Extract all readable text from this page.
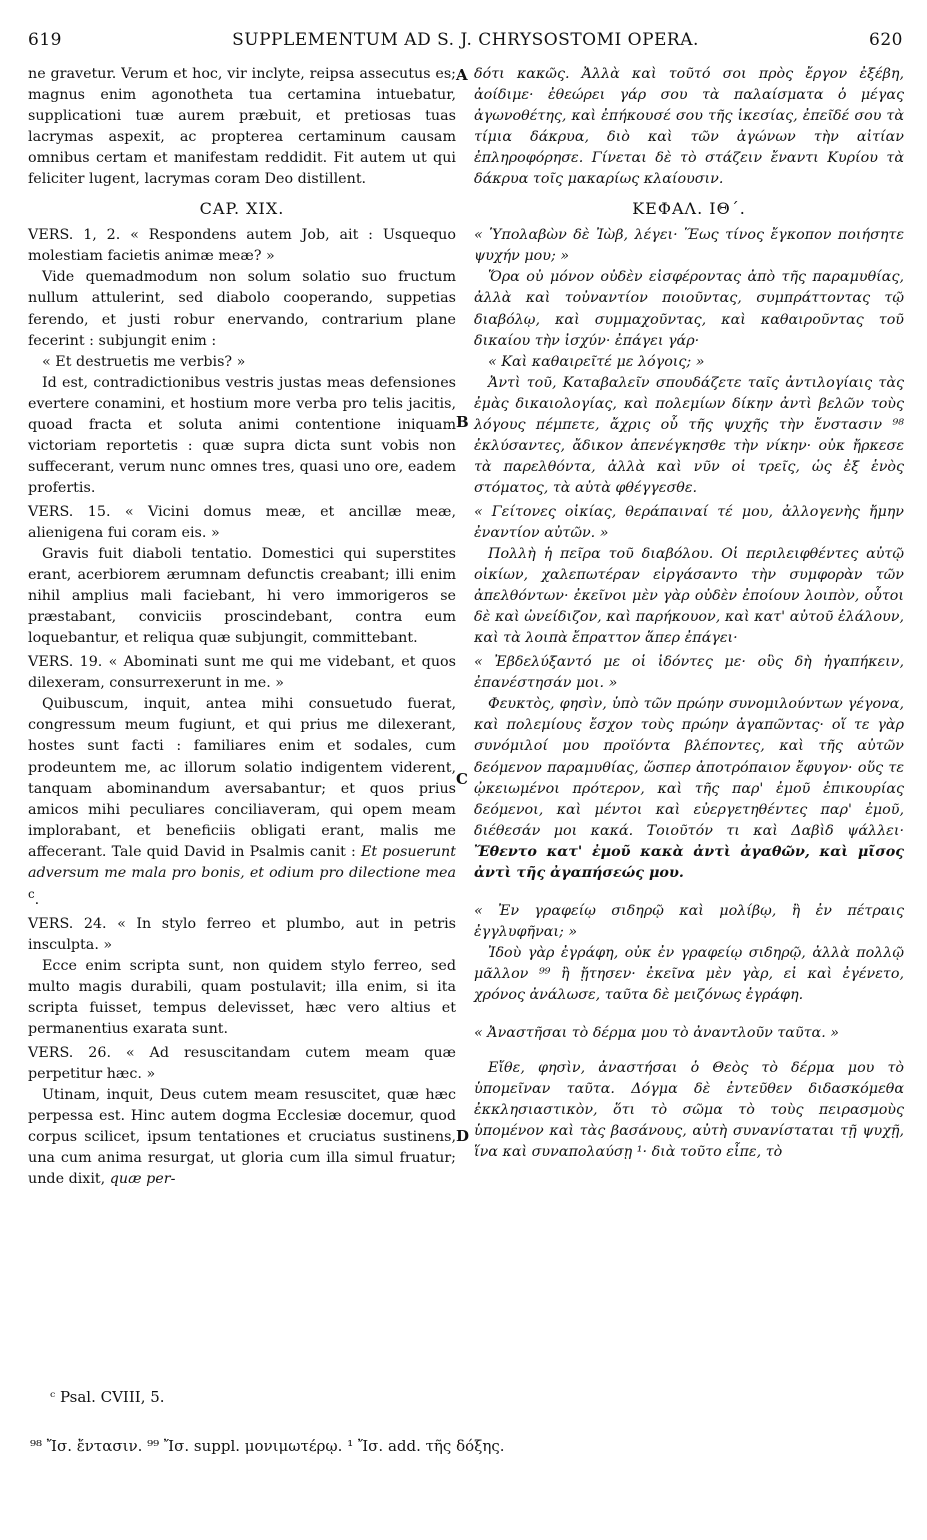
619	SUPPLEMENTUM AD S. J. CHRYSOSTOMI OPERA.	620

ne gravetur. Verum et hoc, vir inclyte, reipsa assecutus es; magnus enim agonotheta tua certamina intuebatur, supplicationi tuæ aurem præbuit, et pretiosas tuas lacrymas aspexit, ac propterea certaminum causam omnibus certam et manifestam reddidit. Fit autem ut qui feliciter lugent, lacrymas coram Deo distillent.

CAP. XIX.

VERS. 1, 2. « Respondens autem Job, ait : Usquequo molestiam facietis animæ meæ? »

Vide quemadmodum non solum solatio suo fructum nullum attulerint, sed diabolo cooperando, suppetias ferendo, et justi robur enervando, contrarium plane fecerint : subjungit enim :

« Et destruetis me verbis? »

Id est, contradictionibus vestris justas meas defensiones evertere conamini, et hostium more verba pro telis jacitis, quoad fracta et soluta animi contentione iniquam victoriam reportetis : quæ supra dicta sunt vobis non suffecerant, verum nunc omnes tres, quasi uno ore, eadem profertis.

VERS. 15. « Vicini domus meæ, et ancillæ meæ, alienigena fui coram eis. »

Gravis fuit diaboli tentatio. Domestici qui superstites erant, acerbiorem ærumnam defunctis creabant; illi enim nihil amplius mali faciebant, hi vero immorigeros se præstabant, conviciis proscindebant, contra eum loquebantur, et reliqua quæ subjungit, committebant.

VERS. 19. « Abominati sunt me qui me videbant, et quos dilexeram, consurrexerunt in me. »

Quibuscum, inquit, antea mihi consuetudo fuerat, congressum meum fugiunt, et qui prius me dilexerant, hostes sunt facti : familiares enim et sodales, cum prodeuntem me, ac illorum solatio indigentem viderent, tanquam abominandum aversabantur; et quos prius amicos mihi peculiares conciliaveram, qui opem meam implorabant, et beneficiis obligati erant, malis me affecerant. Tale quid David in Psalmis canit : Et posuerunt adversum me mala pro bonis, et odium pro dilectione mea $^c$.

VERS. 24. « In stylo ferreo et plumbo, aut in petris insculpta. »

Ecce enim scripta sunt, non quidem stylo ferreo, sed multo magis durabili, quam postulavit; illa enim, si ita scripta fuisset, tempus delevisset, hæc vero altius et permanentius exarata sunt.

VERS. 26. « Ad resuscitandam cutem meam quæ perpetitur hæc. »

Utinam, inquit, Deus cutem meam resuscitet, quæ hæc perpessa est. Hinc autem dogma Ecclesiæ docemur, quod corpus scilicet, ipsum tentationes et cruciatus sustinens, una cum anima resurgat, ut gloria cum illa simul fruatur; unde dixit, quæ per-

A
B
C
D

δότι κακῶς. Ἀλλὰ καὶ τοῦτό σοι πρὸς ἔργον ἐξέβη, ἀοίδιμε· ἐθεώρει γάρ σου τὰ παλαίσματα ὁ μέγας ἀγωνοθέτης, καὶ ἐπήκουσέ σου τῆς ἱκεσίας, ἐπεῖδέ σου τὰ τίμια δάκρυα, διὸ καὶ τῶν ἀγώνων τὴν αἰτίαν ἐπληροφόρησε. Γίνεται δὲ τὸ στάζειν ἔναντι Κυρίου τὰ δάκρυα τοῖς μακαρίως κλαίουσιν.

ΚΕΦΑΛ. ΙΘ΄.

« Ὑπολαβὼν δὲ Ἰὼβ, λέγει· Ἕως τίνος ἔγκοπον ποιήσητε ψυχήν μου; »

Ὅρα οὐ μόνον οὐδὲν εἰσφέροντας ἀπὸ τῆς παραμυθίας, ἀλλὰ καὶ τοὐναντίον ποιοῦντας, συμπράττοντας τῷ διαβόλῳ, καὶ συμμαχοῦντας, καὶ καθαιροῦντας τοῦ δικαίου τὴν ἰσχύν· ἐπάγει γάρ·

« Καὶ καθαιρεῖτέ με λόγοις; »

Ἀντὶ τοῦ, Καταβαλεῖν σπουδάζετε ταῖς ἀντιλογίαις τὰς ἐμὰς δικαιολογίας, καὶ πολεμίων δίκην ἀντὶ βελῶν τοὺς λόγους πέμπετε, ἄχρις οὗ τῆς ψυχῆς τὴν ἔνστασιν ⁹⁸ ἐκλύσαντες, ἄδικον ἀπενέγκησθε τὴν νίκην· οὐκ ἤρκεσε τὰ παρελθόντα, ἀλλὰ καὶ νῦν οἱ τρεῖς, ὡς ἐξ ἑνὸς στόματος, τὰ αὐτὰ φθέγγεσθε.

« Γείτονες οἰκίας, θεράπαιναί τέ μου, ἀλλογενὴς ἤμην ἐναντίον αὐτῶν. »

Πολλὴ ἡ πεῖρα τοῦ διαβόλου. Οἱ περιλειφθέντες αὐτῷ οἰκίων, χαλεπωτέραν εἰργάσαντο τὴν συμφορὰν τῶν ἀπελθόντων· ἐκεῖνοι μὲν γὰρ οὐδὲν ἐποίουν λοιπὸν, οὗτοι δὲ καὶ ὠνείδιζον, καὶ παρήκουον, καὶ κατ' αὐτοῦ ἐλάλουν, καὶ τὰ λοιπὰ ἔπραττον ἅπερ ἐπάγει·

« Ἐβδελύξαντό με οἱ ἰδόντες με· οὓς δὴ ἠγαπήκειν, ἐπανέστησάν μοι. »

Φευκτὸς, φησὶν, ὑπὸ τῶν πρώην συνομιλούντων γέγονα, καὶ πολεμίους ἔσχον τοὺς πρώην ἀγαπῶντας· οἵ τε γὰρ συνόμιλοί μου προϊόντα βλέποντες, καὶ τῆς αὐτῶν δεόμενον παραμυθίας, ὥσπερ ἀποτρόπαιον ἔφυγον· οὕς τε ᾠκειωμένοι πρότερον, καὶ τῆς παρ' ἐμοῦ ἐπικουρίας δεόμενοι, καὶ μέντοι καὶ εὐεργετηθέντες παρ' ἐμοῦ, διέθεσάν μοι κακά. Τοιοῦτόν τι καὶ Δαβὶδ ψάλλει· Ἔθεντο κατ' ἐμοῦ κακὰ ἀντὶ ἀγαθῶν, καὶ μῖσος ἀντὶ τῆς ἀγαπήσεώς μου.

« Ἐν γραφείῳ σιδηρῷ καὶ μολίβῳ, ἢ ἐν πέτραις ἐγγλυφῆναι; »

Ἰδοὺ γὰρ ἐγράφη, οὐκ ἐν γραφείῳ σιδηρῷ, ἀλλὰ πολλῷ μᾶλλον ⁹⁹ ἢ ᾔτησεν· ἐκεῖνα μὲν γὰρ, εἰ καὶ ἐγένετο, χρόνος ἀνάλωσε, ταῦτα δὲ μειζόνως ἐγράφη.

« Ἀναστῆσαι τὸ δέρμα μου τὸ ἀναντλοῦν ταῦτα. »

Εἴθε, φησὶν, ἀναστήσαι ὁ Θεὸς τὸ δέρμα μου τὸ ὑπομεῖναν ταῦτα. Δόγμα δὲ ἐντεῦθεν διδασκόμεθα ἐκκλησιαστικὸν, ὅτι τὸ σῶμα τὸ τοὺς πειρασμοὺς ὑπομένον καὶ τὰς βασάνους, αὐτὴ συνανίσταται τῇ ψυχῇ, ἵνα καὶ συναπολαύσῃ ¹· διὰ τοῦτο εἶπε, τὸ

ᶜ Psal. CVIII, 5.
⁹⁸ Ἴσ. ἔντασιν. ⁹⁹ Ἴσ. suppl. μονιμωτέρῳ. ¹ Ἴσ. add. τῆς δόξης.
